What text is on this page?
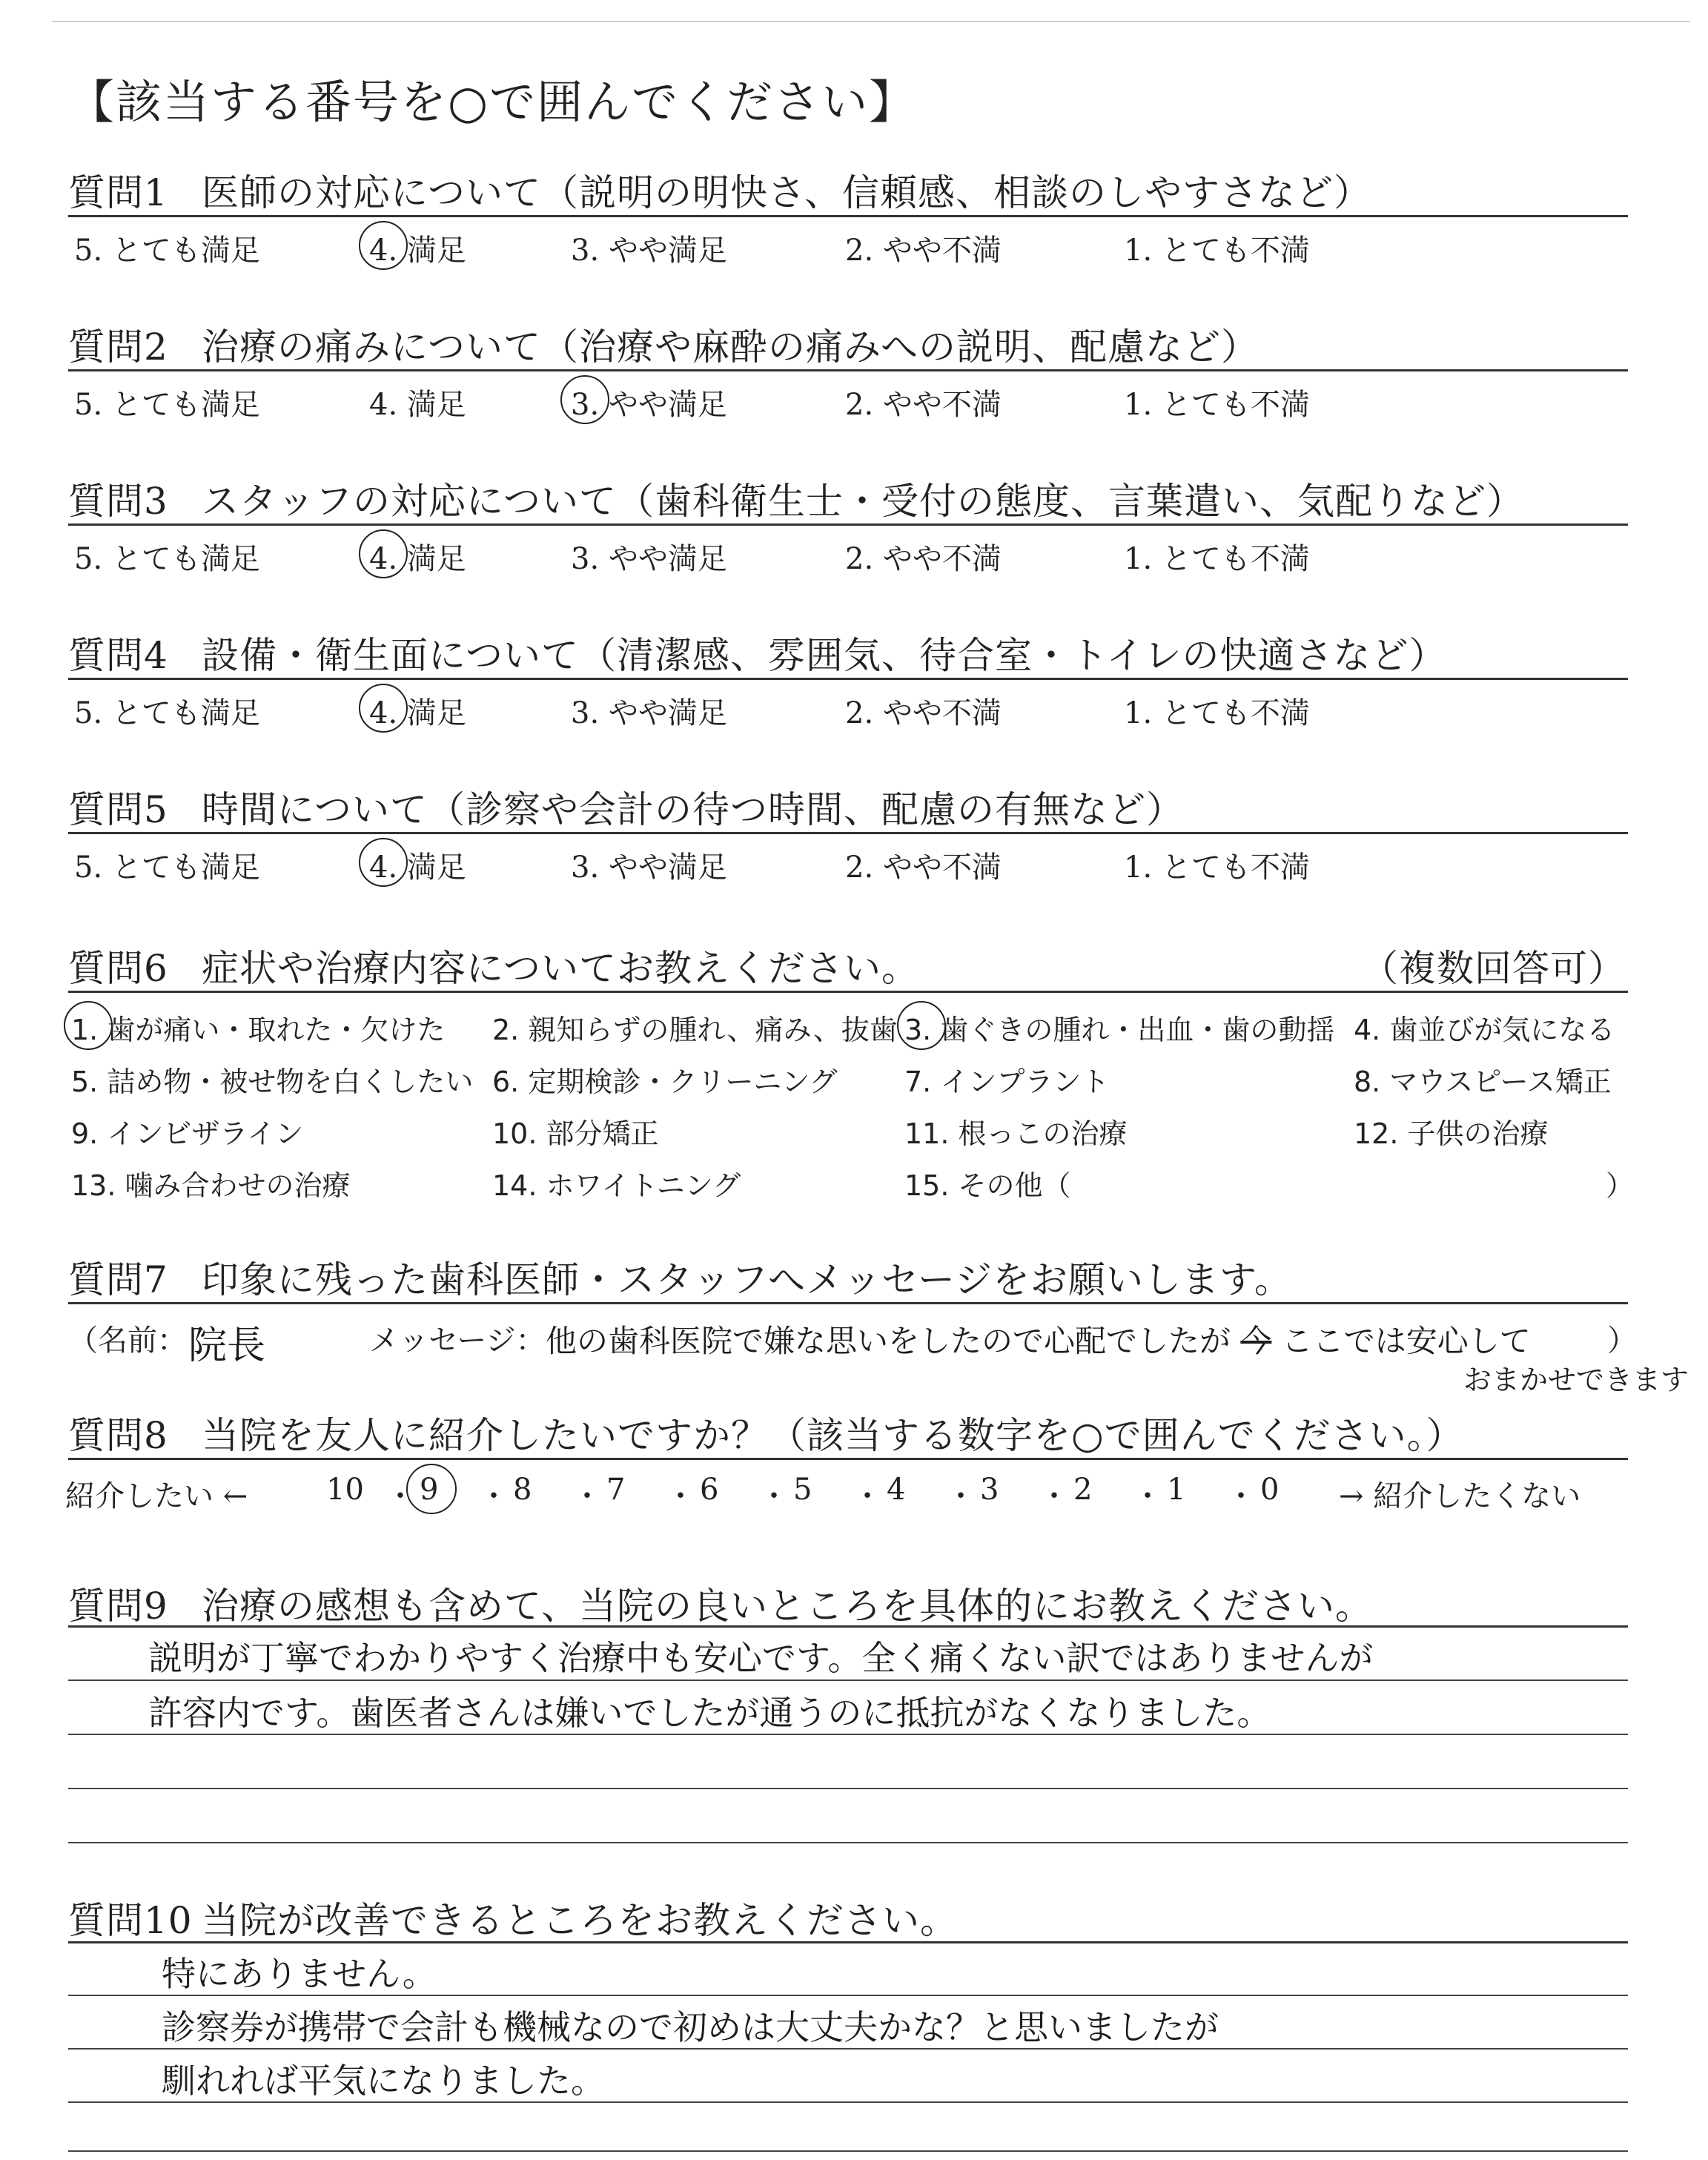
【該当する番号を○で囲んでください】
質問1 医師の対応について（説明の明快さ、信頼感、相談のしやすさなど）
5. とても満足	4. 満足	3. やや満足	2. やや不満	1. とても不満
質問2 治療の痛みについて（治療や麻酔の痛みへの説明、配慮など）
5. とても満足	4. 満足	3. やや満足	2. やや不満	1. とても不満
質問3 スタッフの対応について（歯科衛生士・受付の態度、言葉遣い、気配りなど）
5. とても満足	4. 満足	3. やや満足	2. やや不満	1. とても不満
質問4 設備・衛生面について（清潔感、雰囲気、待合室・トイレの快適さなど）
5. とても満足	4. 満足	3. やや満足	2. やや不満	1. とても不満
質問5 時間について（診察や会計の待つ時間、配慮の有無など）
5. とても満足	4. 満足	3. やや満足	2. やや不満	1. とても不満
質問6 症状や治療内容についてお教えください。	（複数回答可）
1. 歯が痛い・取れた・欠けた 2. 親知らずの腫れ、痛み、抜歯 3. 歯ぐきの腫れ・出血・歯の動揺 4. 歯並びが気になる
5. 詰め物・被せ物を白くしたい 6. 定期検診・クリーニング 7. インプラント	8. マウスピース矯正
9. インビザライン	10. 部分矯正	11. 根っこの治療	12. 子供の治療
13. 噛み合わせの治療	14. ホワイトニング	15. その他（	）
質問7 印象に残った歯科医師・スタッフへメッセージをお願いします。
（名前： 院長	メッセージ： 他の歯科医院で嫌な思いをしたので心配でしたが 今 ここでは安心して	）
おまかせできます
質問8 当院を友人に紹介したいですか？（該当する数字を○で囲んでください。）
紹介したい ←	10 ・ 9 ・ 8 ・ 7 ・ 6 ・ 5 ・ 4 ・ 3 ・ 2 ・ 1 ・ 0 → 紹介したくない
質問9 治療の感想も含めて、当院の良いところを具体的にお教えください。
説明が丁寧でわかりやすく治療中も安心です。全く痛くない訳ではありませんが
許容内です。歯医者さんは嫌いでしたが通うのに抵抗がなくなりました。
質問10 当院が改善できるところをお教えください。
特にありません。
診察券が携帯で会計も機械なので初めは大丈夫かな？と思いましたが
馴れれば平気になりました。
